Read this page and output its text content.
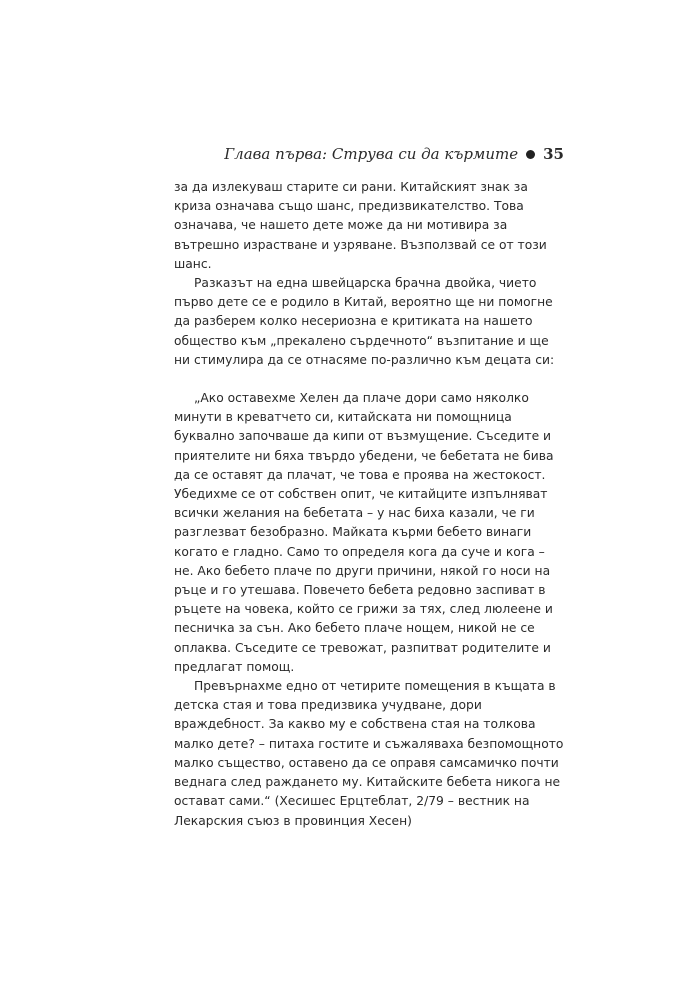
Глава първа: Струва си да кърмите 35

за да излекуваш старите си рани. Китайският знак за криза означава също шанс, предизвикателство. Това означава, че нашето дете може да ни мотивира за вътрешно израстване и узряване. Възползвай се от този шанс.

Разказът на една швейцарска брачна двойка, чието първо дете се е родило в Китай, вероятно ще ни помогне да разберем колко несериозна е критиката на нашето общество към „прекалено сърдечното“ възпитание и ще ни стимулира да се отнасяме по-различно към децата си:

„Ако оставехме Хелен да плаче дори само няколко минути в креватчето си, китайската ни помощница буквално започваше да кипи от възмущение. Съседите и приятелите ни бяха твърдо убедени, че бебетата не бива да се оставят да плачат, че това е проява на жестокост. Убедихме се от собствен опит, че китайците изпълняват всички желания на бебетата – у нас биха казали, че ги разглезват безобразно. Майката кърми бебето винаги когато е гладно. Само то определя кога да суче и кога – не. Ако бебето плаче по други причини, някой го носи на ръце и го утешава. Повечето бебета редовно заспиват в ръцете на човека, който се грижи за тях, след люлеене и песничка за сън. Ако бебето плаче нощем, никой не се оплаква. Съседите се тревожат, разпитват родителите и предлагат помощ.

Превърнахме едно от четирите помещения в къщата в детска стая и това предизвика учудване, дори враждебност. За какво му е собствена стая на толкова малко дете? – питаха гостите и съжаляваха безпомощното малко същество, оставено да се оправя самсамичко почти веднага след раждането му. Китайските бебета никога не остават сами.“ (Хесишес Ерцтеблат, 2/79 – вестник на Лекарския съюз в провинция Хесен)
